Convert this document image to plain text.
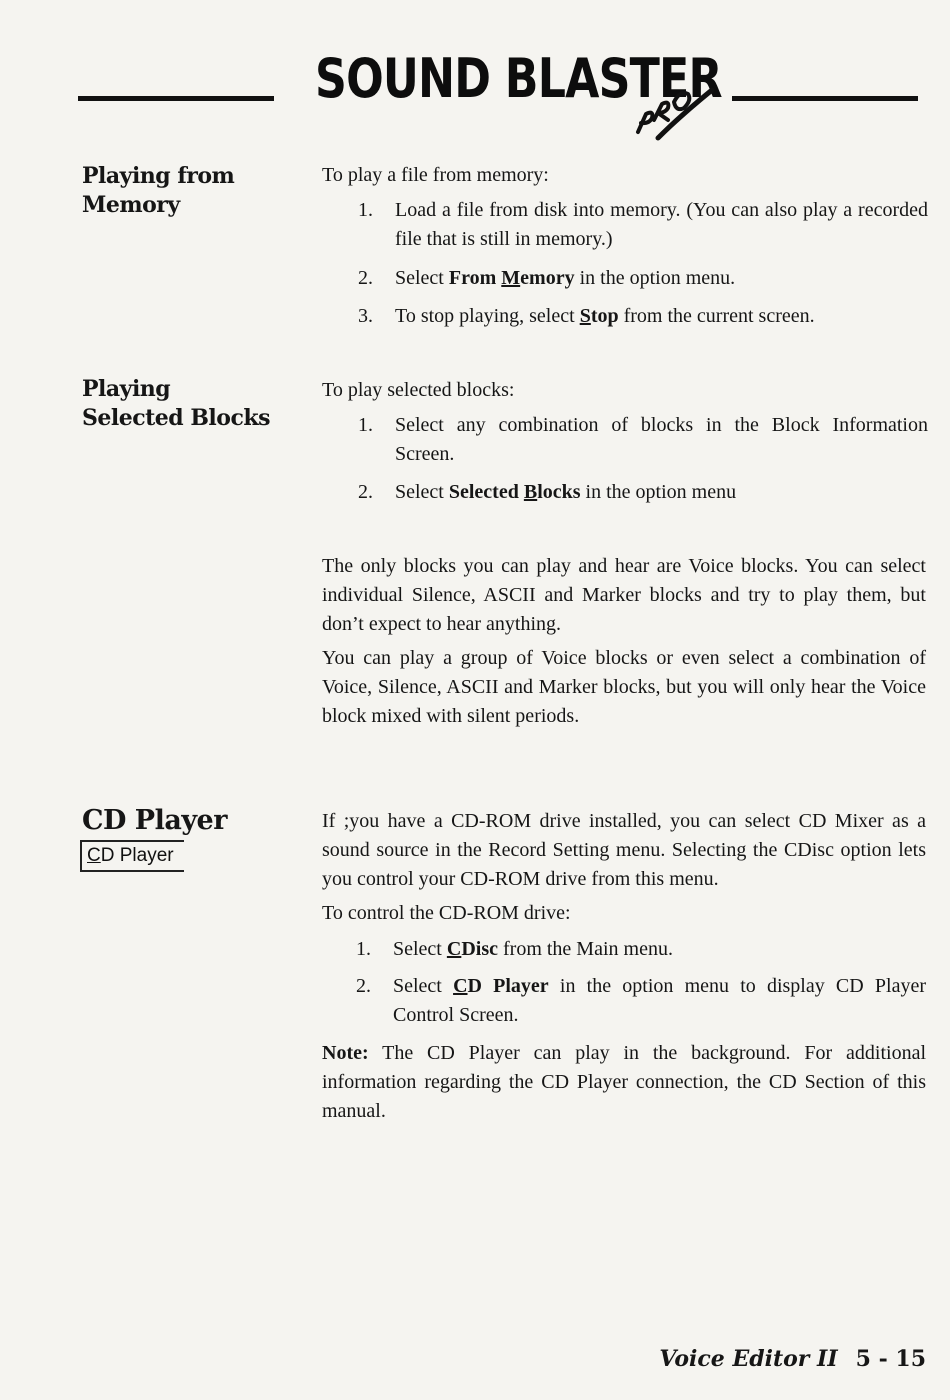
SOUND BLASTER
Playing from
Memory

To play a file from memory:

1. Load a file from disk into memory. (You can also play a recorded file that is still in memory.)
2. Select From Memory in the option menu.
3. To stop playing, select Stop from the current screen.
Playing
Selected Blocks

To play selected blocks:

1. Select any combination of blocks in the Block Information Screen.
2. Select Selected Blocks in the option menu

The only blocks you can play and hear are Voice blocks. You can select individual Silence, ASCII and Marker blocks and try to play them, but don’t expect to hear anything.

You can play a group of Voice blocks or even select a combination of Voice, Silence, ASCII and Marker blocks, but you will only hear the Voice block mixed with silent periods.

CD Player
CD Player

If ;you have a CD-ROM drive installed, you can select CD Mixer as a sound source in the Record Setting menu. Selecting the CDisc option lets you control your CD-ROM drive from this menu.

To control the CD-ROM drive:

1. Select CDisc from the Main menu.
2. Select CD Player in the option menu to display CD Player Control Screen.

Note: The CD Player can play in the background. For additional information regarding the CD Player connection, the CD Section of this manual.

Voice Editor II 5 - 15
